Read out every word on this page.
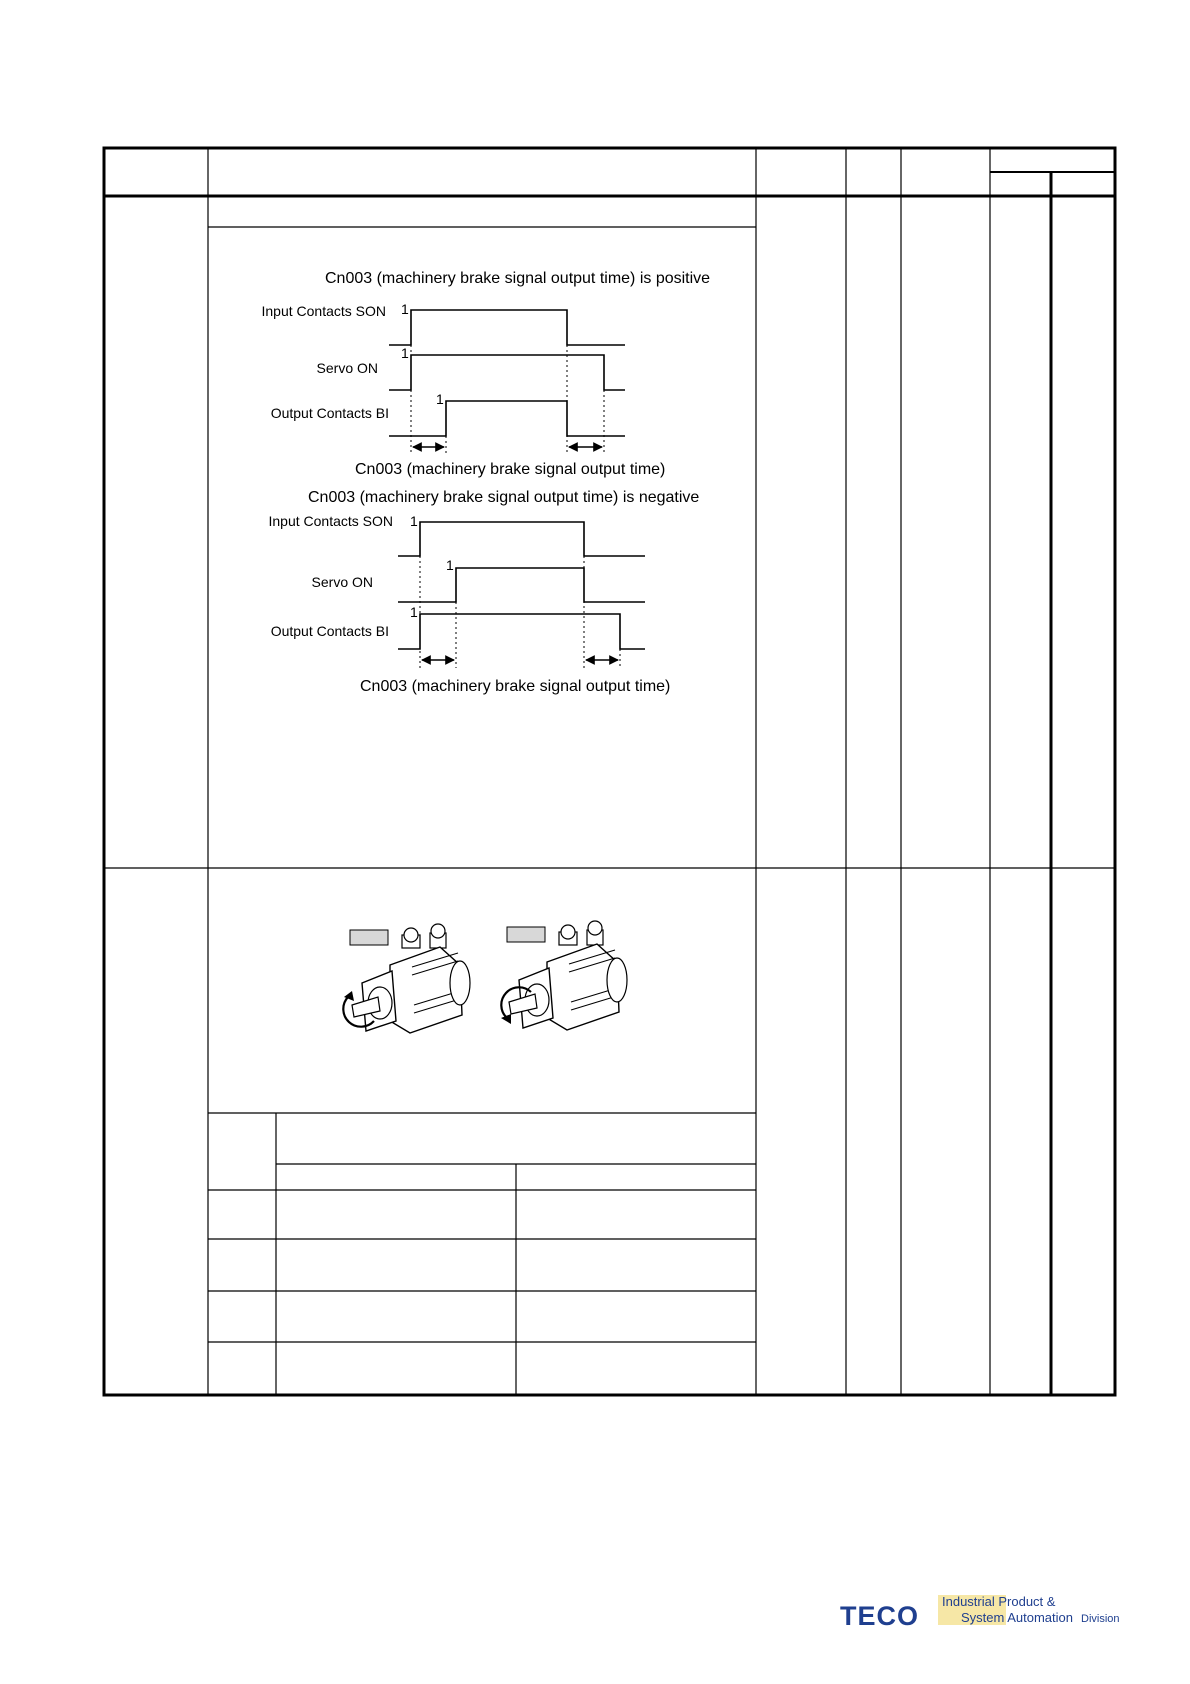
Cn003 (machinery brake signal output time) is positive
Input Contacts SON
Servo ON
Output Contacts BI
1
1
1
Cn003 (machinery brake signal output time)
Cn003 (machinery brake signal output time) is negative
Input Contacts SON
Servo ON
Output Contacts BI
1
1
1
Cn003 (machinery brake signal output time)
TECO Industrial Product &
System Automation Division
